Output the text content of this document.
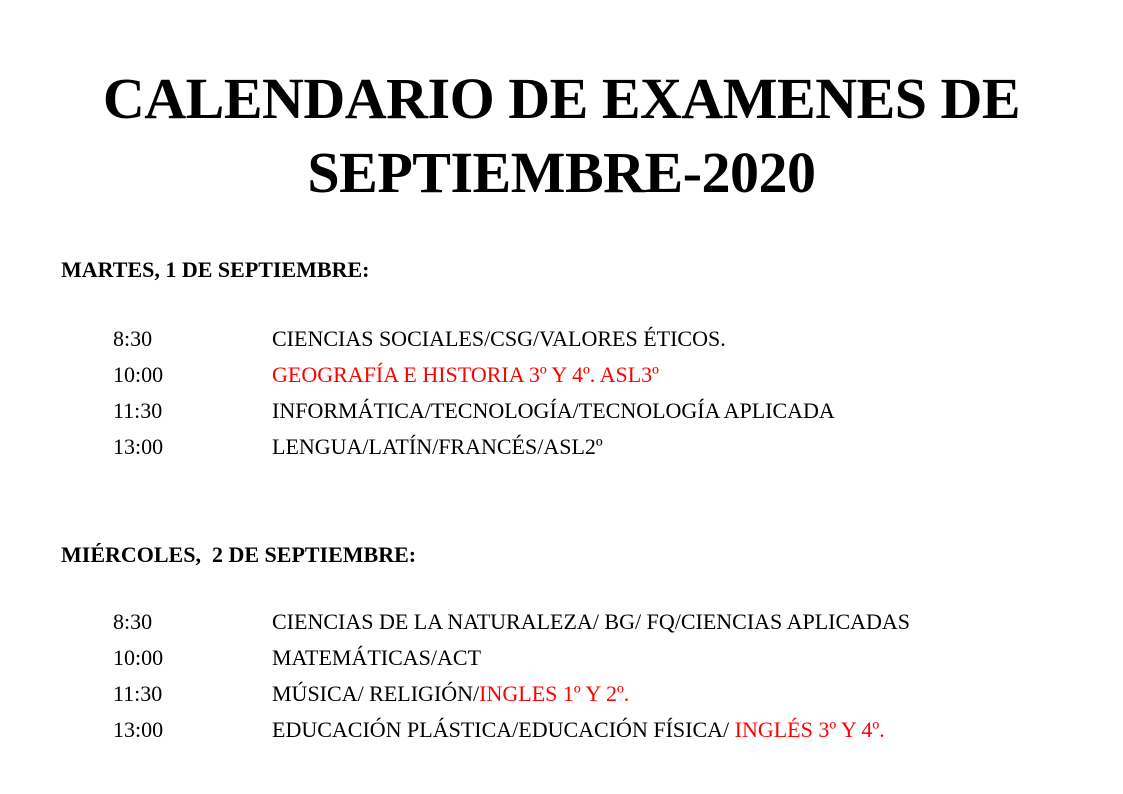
CALENDARIO DE EXAMENES DE
SEPTIEMBRE-2020
MARTES, 1 DE SEPTIEMBRE:
8:30	CIENCIAS SOCIALES/CSG/VALORES ÉTICOS.
10:00	GEOGRAFÍA E HISTORIA 3º Y 4º. ASL3º
11:30	INFORMÁTICA/TECNOLOGÍA/TECNOLOGÍA APLICADA
13:00	LENGUA/LATÍN/FRANCÉS/ASL2º
MIÉRCOLES,  2 DE SEPTIEMBRE:
8:30	CIENCIAS DE LA NATURALEZA/ BG/ FQ/CIENCIAS APLICADAS
10:00	MATEMÁTICAS/ACT
11:30	MÚSICA/ RELIGIÓN/INGLES 1º Y 2º.
13:00	EDUCACIÓN PLÁSTICA/EDUCACIÓN FÍSICA/ INGLÉS 3º Y 4º.
